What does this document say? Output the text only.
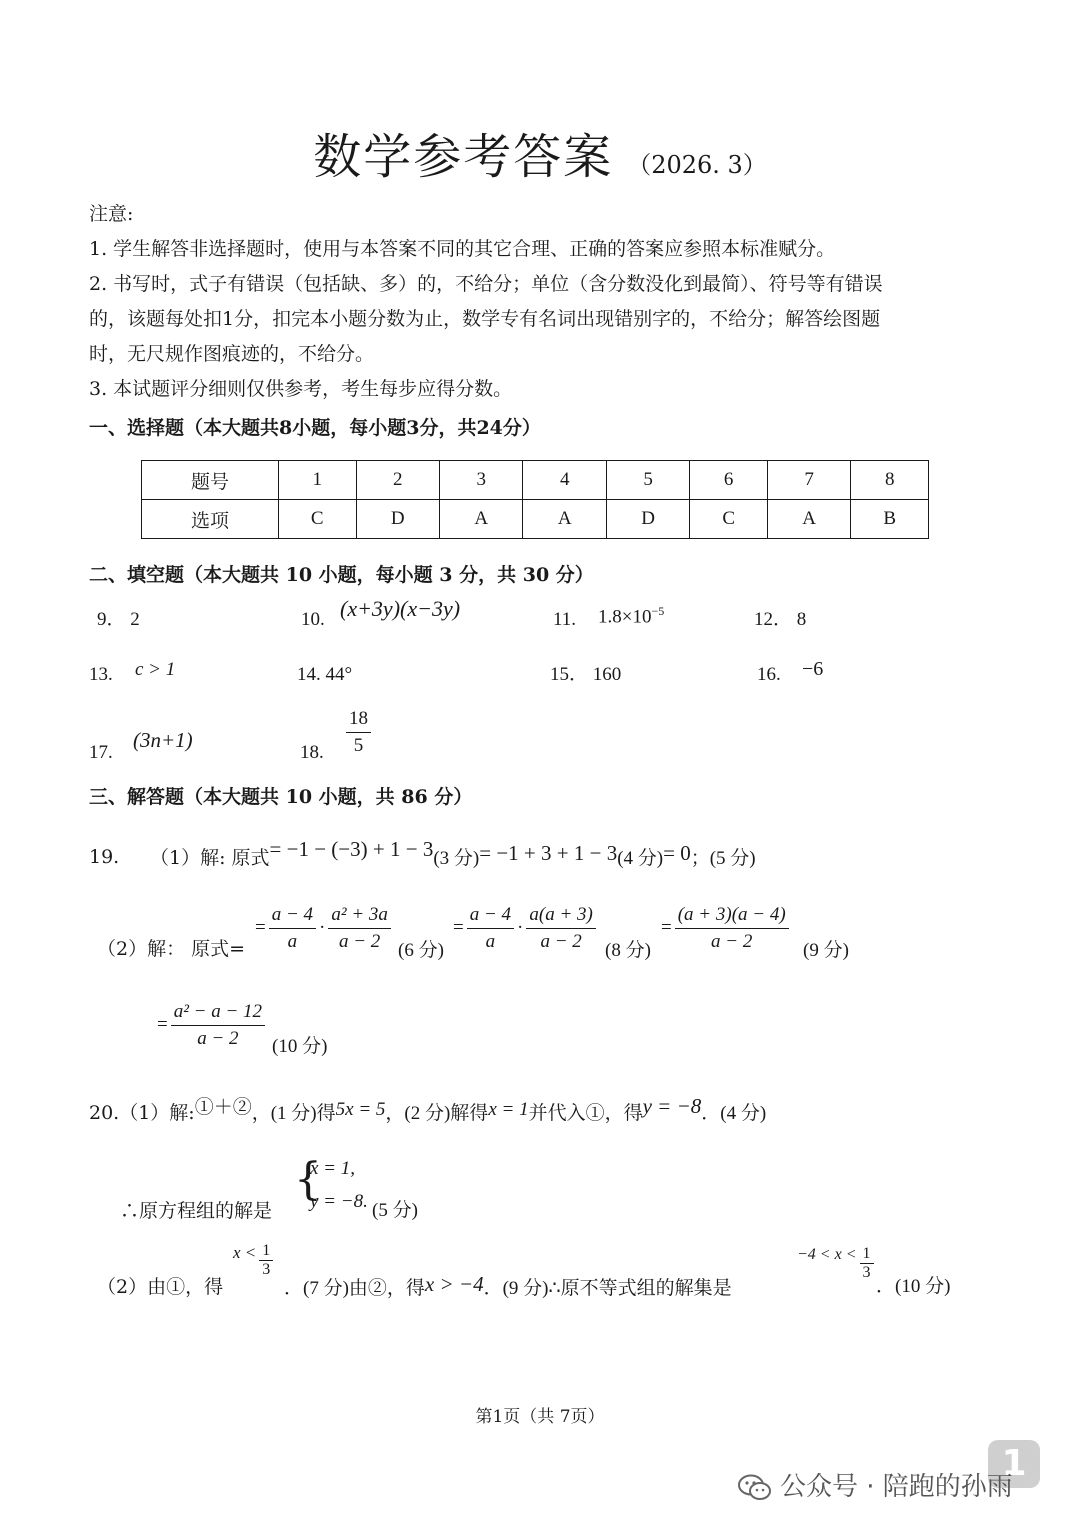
数学参考答案 （2026. 3）
注意:
1. 学生解答非选择题时，使用与本答案不同的其它合理、正确的答案应参照本标准赋分。
2. 书写时，式子有错误（包括缺、多）的，不给分；单位（含分数没化到最简）、符号等有错误
的，该题每处扣1分，扣完本小题分数为止，数学专有名词出现错别字的，不给分；解答绘图题
时，无尺规作图痕迹的，不给分。
3. 本试题评分细则仅供参考，考生每步应得分数。
一、选择题（本大题共8小题，每小题3分，共24分）
题号	1	2	3	4	5	6	7	8
选项	C	D	A	A	D	C	A	B
二、填空题（本大题共 10 小题，每小题 3 分，共 30 分）
9． 2	10. (x+3y)(x−3y)	11. $1.8\times 10^{-5}$	12． 8
13. c > 1	14. 44°	15． 160	16. −6
17.
(3n+1)
18. $\frac{18}{5}$
三、解答题（本大题共 10 小题，共 86 分）
19. （1）解: 原式= −1 − (−3) + 1 − 3(3 分)= −1 + 3 + 1 − 3(4 分)= 0；(5 分)
（2）解： 原式=
= $\frac{a - 4}{a} \cdot \frac{\text{a² + 3a}}{a - 2} (6$ 分)
= $\frac{a - 4}{a} \cdot \frac{a(a + 3)}{a - 2} (8$ 分)
= $\frac{(a + 3)(a - 4)}{a - 2} (9$ 分)
= $\frac{\text{a² − a − 12}}{a - 2} (10$ 分)
20.（1）解:①＋②，(1 分)得5x = 5，(2 分)解得x = 1并代入①，得y = −8．(4 分)
∴原方程组的解是
{
x = 1,
y = −8. (5 分)
（2）由①，得
$x < \frac{1}{3}$
．(7 分)由②，得x > −4．(9 分)∴原不等式组的解集是
$-4 < x < \frac{1}{3}$
．(10 分)
第1页（共 7页）
1
公众号 · 陪跑的孙雨
